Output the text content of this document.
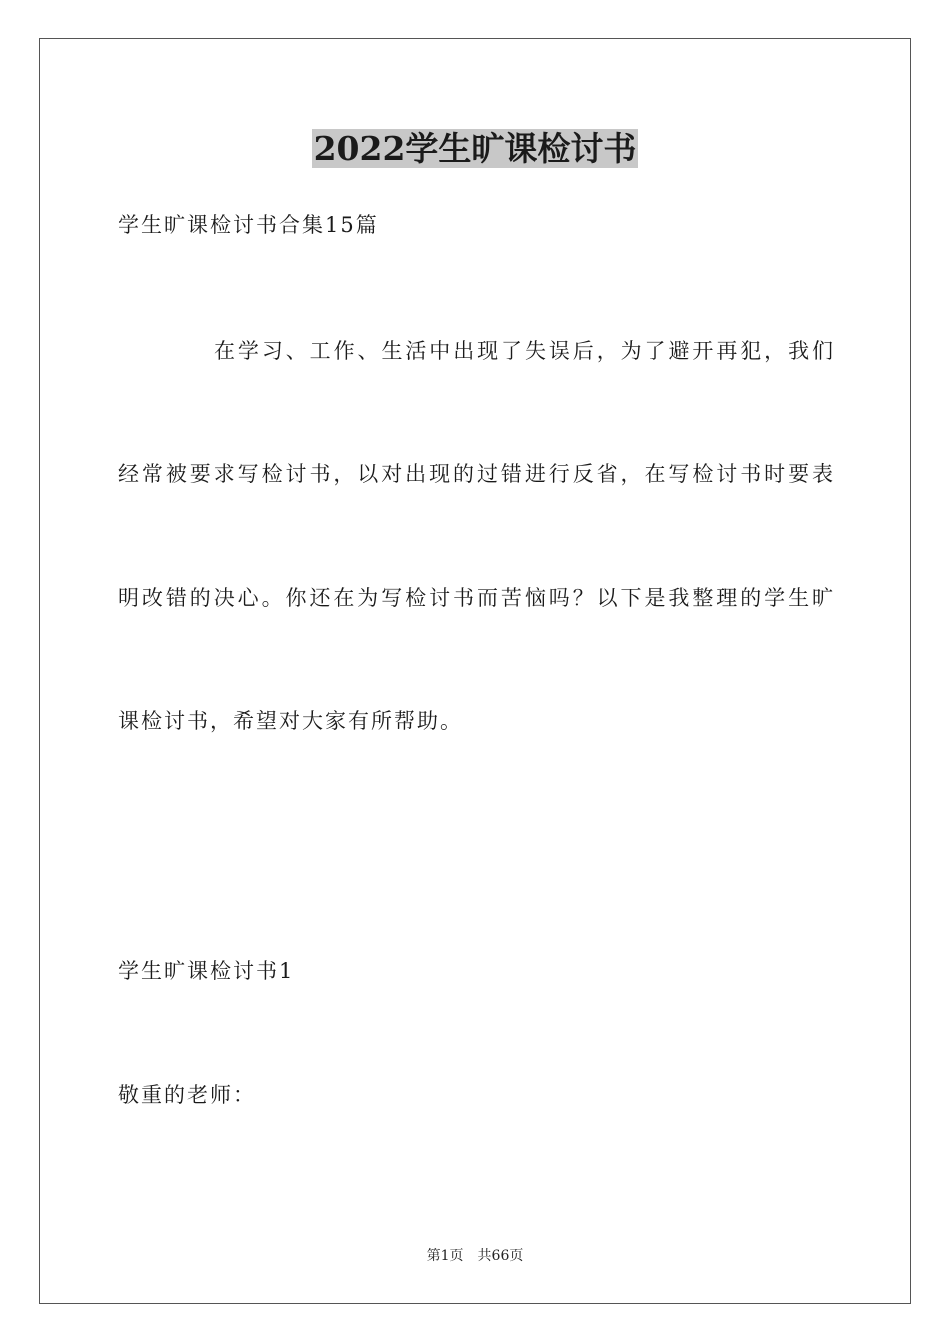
2022学生旷课检讨书
学生旷课检讨书合集15篇
在学习、工作、生活中出现了失误后，为了避开再犯，我们
经常被要求写检讨书，以对出现的过错进行反省，在写检讨书时要表
明改错的决心。你还在为写检讨书而苦恼吗？以下是我整理的学生旷
课检讨书，希望对大家有所帮助。
学生旷课检讨书1
敬重的老师：
第1页 共66页
